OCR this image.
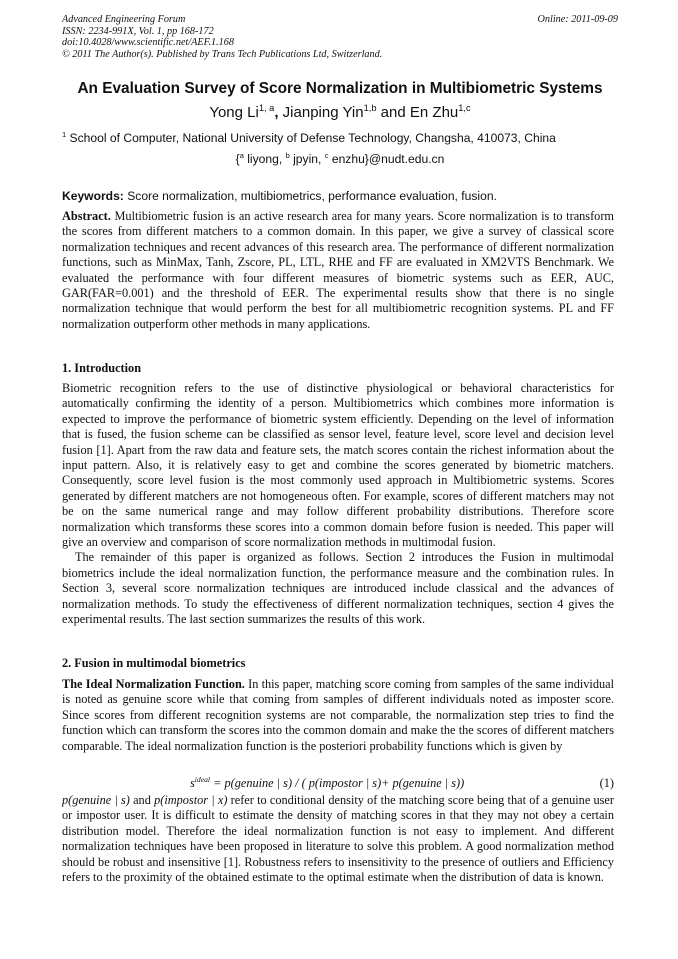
Advanced Engineering Forum
ISSN: 2234-991X, Vol. 1, pp 168-172
doi:10.4028/www.scientific.net/AEF.1.168
© 2011 The Author(s). Published by Trans Tech Publications Ltd, Switzerland.
Online: 2011-09-09
An Evaluation Survey of Score Normalization in Multibiometric Systems
Yong Li$^{1, a}$, Jianping Yin$^{1,b}$ and En Zhu$^{1,c}$
$^1$ School of Computer, National University of Defense Technology, Changsha, 410073, China
{$^a$ liyong, $^b$ jpyin, $^c$ enzhu}@nudt.edu.cn
Keywords: Score normalization, multibiometrics, performance evaluation, fusion.

Abstract. Multibiometric fusion is an active research area for many years. Score normalization is to transform the scores from different matchers to a common domain. In this paper, we give a survey of classical score normalization techniques and recent advances of this research area. The performance of different normalization functions, such as MinMax, Tanh, Zscore, PL, LTL, RHE and FF are evaluated in XM2VTS Benchmark. We evaluated the performance with four different measures of biometric systems such as EER, AUC, GAR(FAR=0.001) and the threshold of EER. The experimental results show that there is no single normalization technique that would perform the best for all multibiometric recognition systems. PL and FF normalization outperform other methods in many applications.

1. Introduction

Biometric recognition refers to the use of distinctive physiological or behavioral characteristics for automatically confirming the identity of a person. Multibiometrics which combines more information is expected to improve the performance of biometric system efficiently. Depending on the level of information that is fused, the fusion scheme can be classified as sensor level, feature level, score level and decision level fusion [1]. Apart from the raw data and feature sets, the match scores contain the richest information about the input pattern. Also, it is relatively easy to get and combine the scores generated by biometric matchers. Consequently, score level fusion is the most commonly used approach in Multibiometric systems. Scores generated by different matchers are not homogeneous often. For example, scores of different matchers may not be on the same numerical range and may follow different probability distributions. Therefore score normalization which transforms these scores into a common domain before fusion is needed. This paper will give an overview and comparison of score normalization methods in multimodal fusion.

The remainder of this paper is organized as follows. Section 2 introduces the Fusion in multimodal biometrics include the ideal normalization function, the performance measure and the combination rules. In Section 3, several score normalization techniques are introduced include classical and the advances of normalization methods. To study the effectiveness of different normalization techniques, section 4 gives the experimental results. The last section summarizes the results of this work.

2. Fusion in multimodal biometrics

The Ideal Normalization Function. In this paper, matching score coming from samples of the same individual is noted as genuine score while that coming from samples of different individuals noted as imposter score. Since scores from different recognition systems are not comparable, the normalization step tries to find the function which can transform the scores into the common domain and make the the scores of different matchers comparable. The ideal normalization function is the posteriori probability functions which is given by

$s^{ideal}$ = p(genuine | s) / ( p(impostor | s)+ p(genuine | s))	(1)

p(genuine | s) and p(impostor | x) refer to conditional density of the matching score being that of a genuine user or impostor user. It is difficult to estimate the density of matching scores in that they may not obey a certain distribution model. Therefore the ideal normalization function is not easy to implement. And different normalization techniques have been proposed in literature to solve this problem. A good normalization method should be robust and insensitive [1]. Robustness refers to insensitivity to the presence of outliers and Efficiency refers to the proximity of the obtained estimate to the optimal estimate when the distribution of data is known.
